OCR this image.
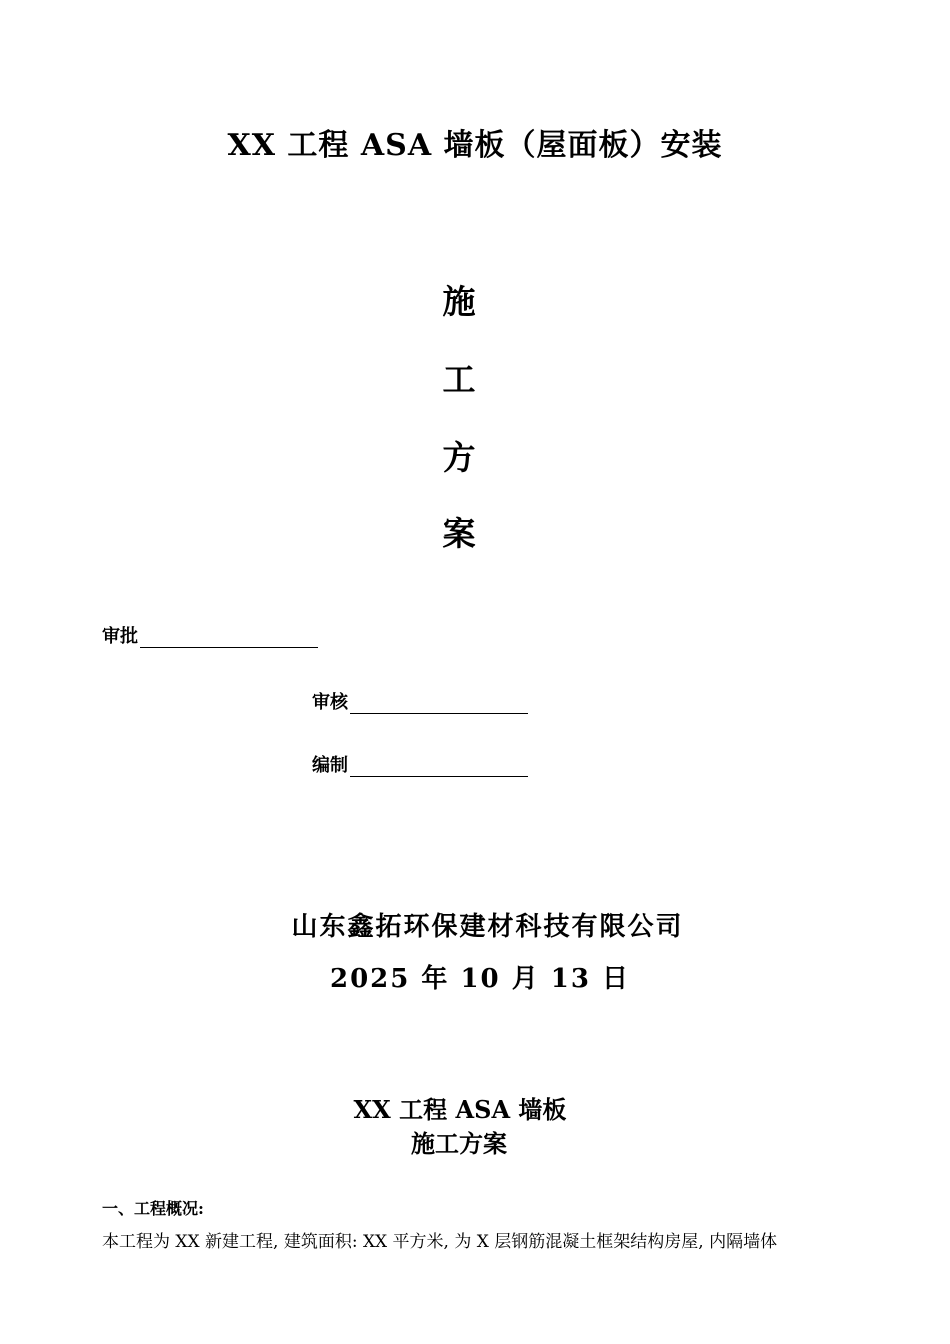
XX 工程 ASA 墙板（屋面板）安装
施
工
方
案
审批
审核
编制
山东鑫拓环保建材科技有限公司
2025 年 10 月 13 日
XX 工程 ASA 墙板
施工方案
一、工程概况:
本工程为 XX 新建工程, 建筑面积: XX 平方米, 为 X 层钢筋混凝土框架结构房屋, 内隔墙体
